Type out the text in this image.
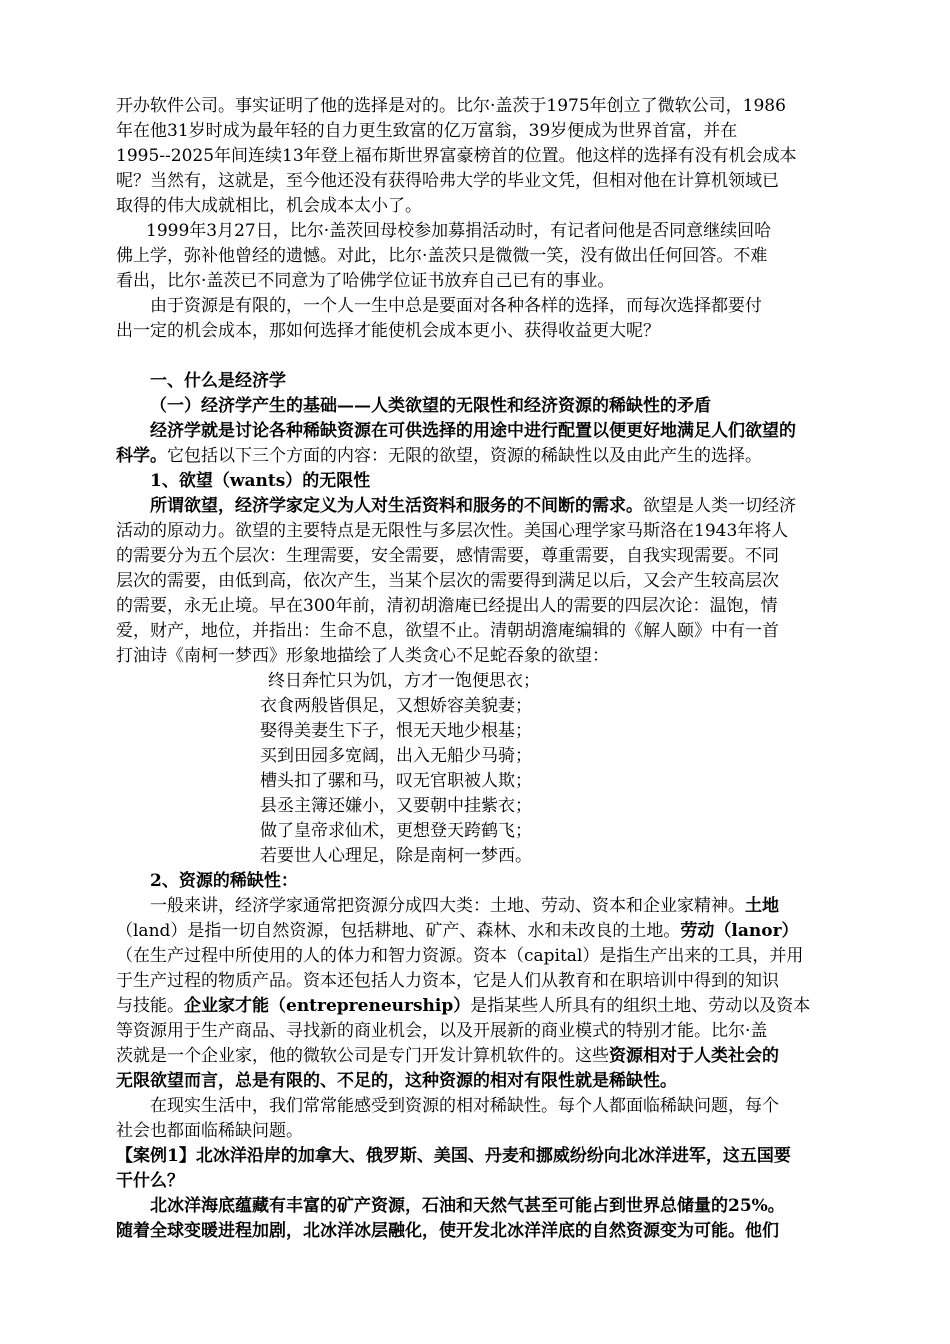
开办软件公司。事实证明了他的选择是对的。比尔·盖茨于1975年创立了微软公司，1986
年在他31岁时成为最年轻的自力更生致富的亿万富翁，39岁便成为世界首富，并在
1995--2025年间连续13年登上福布斯世界富豪榜首的位置。他这样的选择有没有机会成本
呢？当然有，这就是，至今他还没有获得哈弗大学的毕业文凭，但相对他在计算机领域已
取得的伟大成就相比，机会成本太小了。
1999年3月27日，比尔·盖茨回母校参加募捐活动时，有记者问他是否同意继续回哈
佛上学，弥补他曾经的遗憾。对此，比尔·盖茨只是微微一笑，没有做出任何回答。不难
看出，比尔·盖茨已不同意为了哈佛学位证书放弃自己已有的事业。
由于资源是有限的，一个人一生中总是要面对各种各样的选择，而每次选择都要付
出一定的机会成本，那如何选择才能使机会成本更小、获得收益更大呢？
一、什么是经济学
（一）经济学产生的基础——人类欲望的无限性和经济资源的稀缺性的矛盾
经济学就是讨论各种稀缺资源在可供选择的用途中进行配置以便更好地满足人们欲望的
科学。它包括以下三个方面的内容：无限的欲望，资源的稀缺性以及由此产生的选择。
1、欲望（wants）的无限性
所谓欲望，经济学家定义为人对生活资料和服务的不间断的需求。欲望是人类一切经济
活动的原动力。欲望的主要特点是无限性与多层次性。美国心理学家马斯洛在1943年将人
的需要分为五个层次：生理需要，安全需要，感情需要，尊重需要，自我实现需要。不同
层次的需要，由低到高，依次产生，当某个层次的需要得到满足以后，又会产生较高层次
的需要，永无止境。早在300年前，清初胡澹庵已经提出人的需要的四层次论：温饱，情
爱，财产，地位，并指出：生命不息，欲望不止。清朝胡澹庵编辑的《解人颐》中有一首
打油诗《南柯一梦西》形象地描绘了人类贪心不足蛇吞象的欲望：
终日奔忙只为饥，方才一饱便思衣；
衣食两般皆俱足，又想娇容美貌妻；
娶得美妻生下子，恨无天地少根基；
买到田园多宽阔，出入无船少马骑；
槽头扣了骡和马，叹无官职被人欺；
县丞主簿还嫌小，又要朝中挂紫衣；
做了皇帝求仙术，更想登天跨鹤飞；
若要世人心理足，除是南柯一梦西。
2、资源的稀缺性：
一般来讲，经济学家通常把资源分成四大类：土地、劳动、资本和企业家精神。土地
（land）是指一切自然资源，包括耕地、矿产、森林、水和未改良的土地。劳动（lanor）
（在生产过程中所使用的人的体力和智力资源。资本（capital）是指生产出来的工具，并用
于生产过程的物质产品。资本还包括人力资本，它是人们从教育和在职培训中得到的知识
与技能。企业家才能（entrepreneurship）是指某些人所具有的组织土地、劳动以及资本
等资源用于生产商品、寻找新的商业机会，以及开展新的商业模式的特别才能。比尔·盖
茨就是一个企业家，他的微软公司是专门开发计算机软件的。这些资源相对于人类社会的
无限欲望而言，总是有限的、不足的，这种资源的相对有限性就是稀缺性。
在现实生活中，我们常常能感受到资源的相对稀缺性。每个人都面临稀缺问题，每个
社会也都面临稀缺问题。
【案例1】北冰洋沿岸的加拿大、俄罗斯、美国、丹麦和挪威纷纷向北冰洋进军，这五国要
干什么？
北冰洋海底蕴藏有丰富的矿产资源，石油和天然气甚至可能占到世界总储量的25%。
随着全球变暖进程加剧，北冰洋冰层融化，使开发北冰洋洋底的自然资源变为可能。他们
